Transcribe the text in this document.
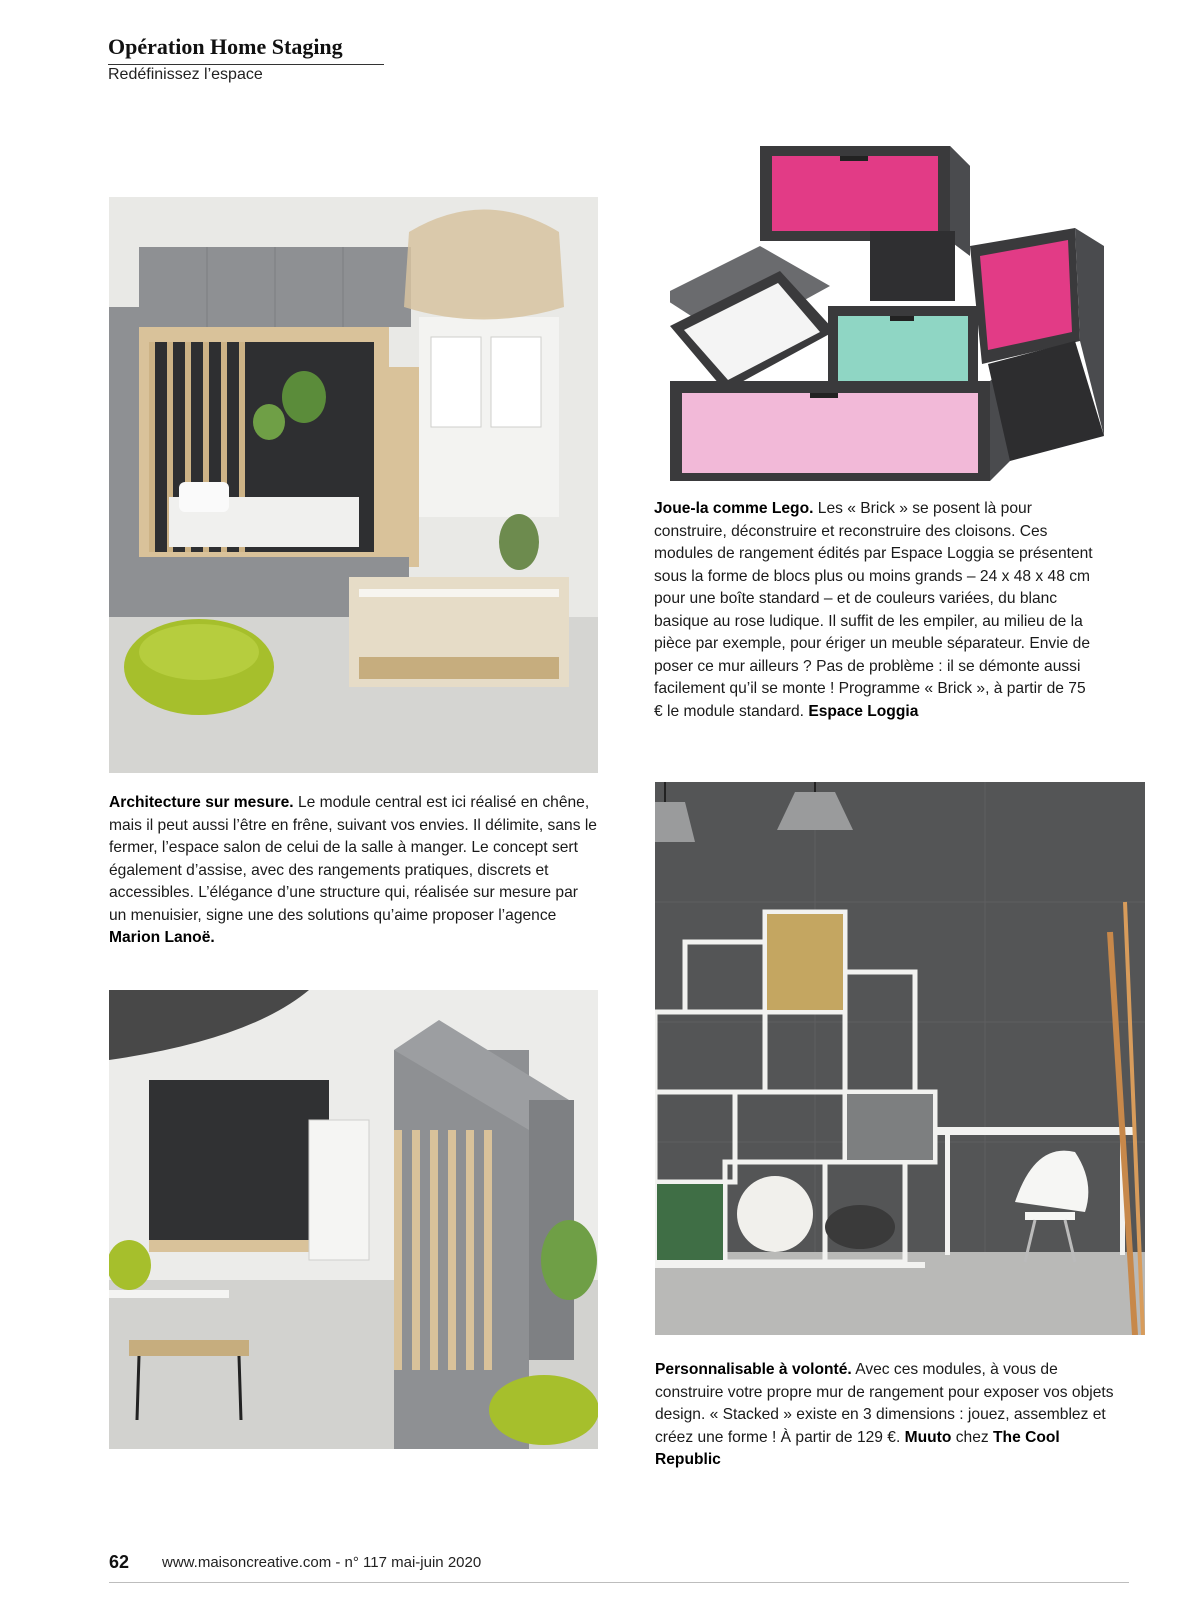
Opération Home Staging
Redéfinissez l’espace

Joue-la comme Lego. Les « Brick » se posent là pour construire, déconstruire et reconstruire des cloisons. Ces modules de rangement édités par Espace Loggia se présentent sous la forme de blocs plus ou moins grands – 24 x 48 x 48 cm pour une boîte standard – et de couleurs variées, du blanc basique au rose ludique. Il suffit de les empiler, au milieu de la pièce par exemple, pour ériger un meuble séparateur. Envie de poser ce mur ailleurs ? Pas de problème : il se démonte aussi facilement qu’il se monte ! Programme « Brick », à partir de 75 € le module standard. Espace Loggia

Architecture sur mesure. Le module central est ici réalisé en chêne, mais il peut aussi l’être en frêne, suivant vos envies. Il délimite, sans le fermer, l’espace salon de celui de la salle à manger. Le concept sert également d’assise, avec des rangements pratiques, discrets et accessibles. L’élégance d’une structure qui, réalisée sur mesure par un menuisier, signe une des solutions qu’aime proposer l’agence Marion Lanoë.

Personnalisable à volonté. Avec ces modules, à vous de construire votre propre mur de rangement pour exposer vos objets design. « Stacked » existe en 3 dimensions : jouez, assemblez et créez une forme ! À partir de 129 €. Muuto chez The Cool Republic

62 www.maisoncreative.com - n° 117 mai-juin 2020
